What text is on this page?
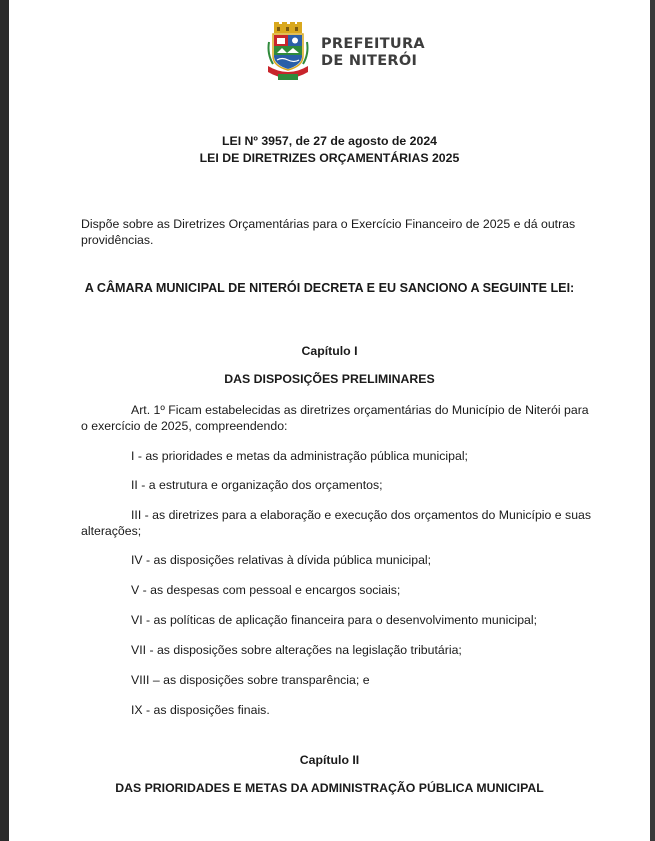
PREFEITURA
DE NITERÓI

LEI Nº 3957, de 27 de agosto de 2024

LEI DE DIRETRIZES ORÇAMENTÁRIAS 2025

Dispõe sobre as Diretrizes Orçamentárias para o Exercício Financeiro de 2025 e dá outras providências.

A CÂMARA MUNICIPAL DE NITERÓI DECRETA E EU SANCIONO A SEGUINTE LEI:

Capítulo I

DAS DISPOSIÇÕES PRELIMINARES

Art. 1º Ficam estabelecidas as diretrizes orçamentárias do Município de Niterói para o exercício de 2025, compreendendo:

I - as prioridades e metas da administração pública municipal;

II - a estrutura e organização dos orçamentos;

III - as diretrizes para a elaboração e execução dos orçamentos do Município e suas alterações;

IV - as disposições relativas à dívida pública municipal;

V - as despesas com pessoal e encargos sociais;

VI - as políticas de aplicação financeira para o desenvolvimento municipal;

VII - as disposições sobre alterações na legislação tributária;

VIII – as disposições sobre transparência; e

IX - as disposições finais.

Capítulo II

DAS PRIORIDADES E METAS DA ADMINISTRAÇÃO PÚBLICA MUNICIPAL
